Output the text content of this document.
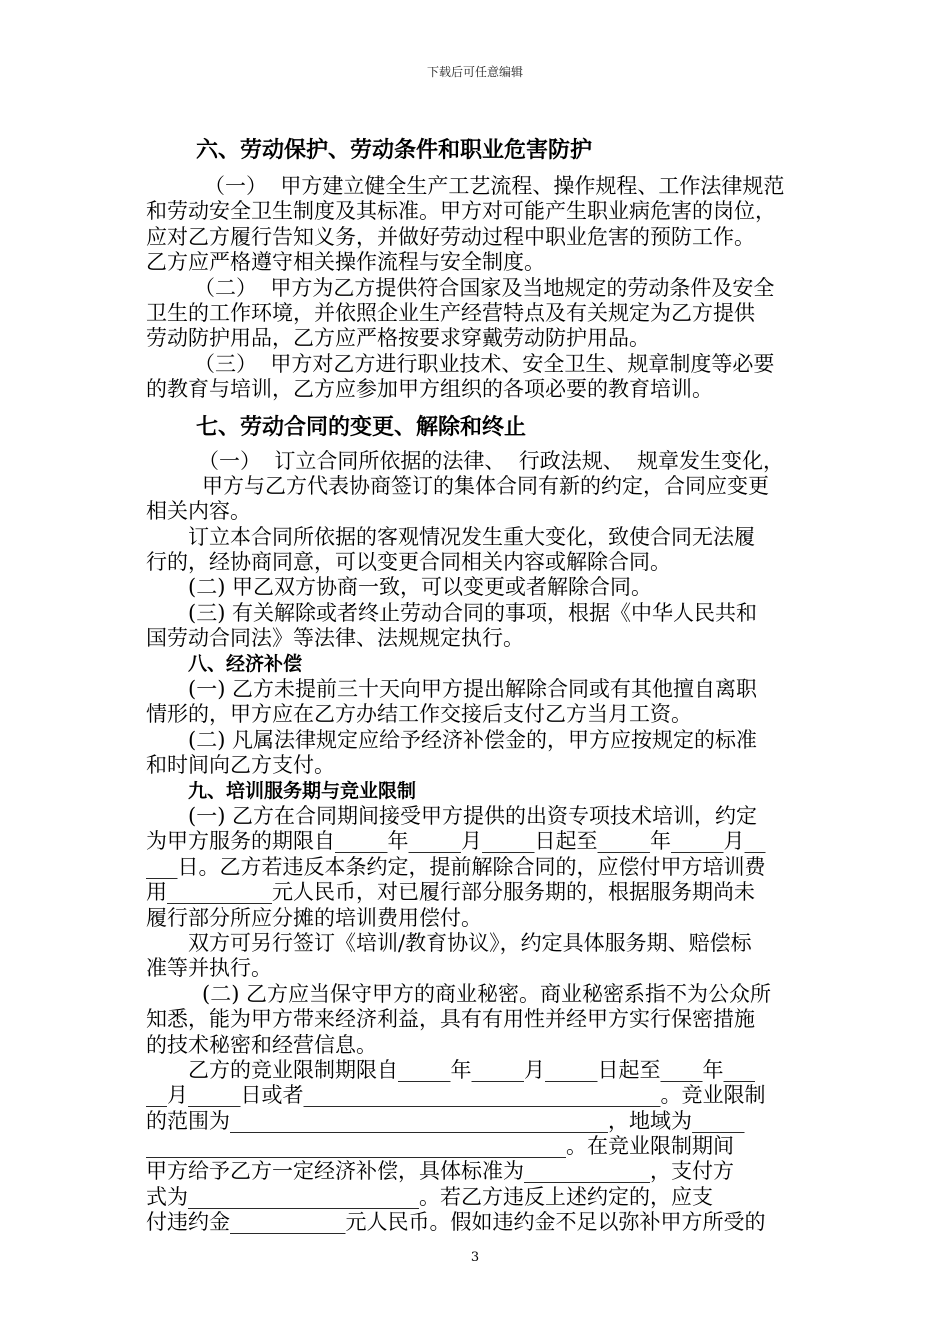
下载后可任意编辑
六、劳动保护、劳动条件和职业危害防护
（一）  甲方建立健全生产工艺流程、操作规程、工作法律规范
和劳动安全卫生制度及其标准。甲方对可能产生职业病危害的岗位，
应对乙方履行告知义务，并做好劳动过程中职业危害的预防工作。
乙方应严格遵守相关操作流程与安全制度。
（二）  甲方为乙方提供符合国家及当地规定的劳动条件及安全
卫生的工作环境，并依照企业生产经营特点及有关规定为乙方提供
劳动防护用品，乙方应严格按要求穿戴劳动防护用品。
（三）  甲方对乙方进行职业技术、安全卫生、规章制度等必要
的教育与培训，乙方应参加甲方组织的各项必要的教育培训。
七、劳动合同的变更、解除和终止
（一）  订立合同所依据的法律、  行政法规、  规章发生变化，
甲方与乙方代表协商签订的集体合同有新的约定，合同应变更
相关内容。
订立本合同所依据的客观情况发生重大变化，致使合同无法履
行的，经协商同意，可以变更合同相关内容或解除合同。
(二) 甲乙双方协商一致，可以变更或者解除合同。
(三) 有关解除或者终止劳动合同的事项，根据《中华人民共和
国劳动合同法》等法律、法规规定执行。
八、经济补偿
(一) 乙方未提前三十天向甲方提出解除合同或有其他擅自离职
情形的，甲方应在乙方办结工作交接后支付乙方当月工资。
(二) 凡属法律规定应给予经济补偿金的，甲方应按规定的标准
和时间向乙方支付。
九、培训服务期与竞业限制
(一) 乙方在合同期间接受甲方提供的出资专项技术培训，约定
为甲方服务的期限自_____年_____月_____日起至_____年_____月__
___日。乙方若违反本条约定，提前解除合同的，应偿付甲方培训费
用__________元人民币，对已履行部分服务期的，根据服务期尚未
履行部分所应分摊的培训费用偿付。
双方可另行签订《培训/教育协议》，约定具体服务期、赔偿标
准等并执行。
(二) 乙方应当保守甲方的商业秘密。商业秘密系指不为公众所
知悉，能为甲方带来经济利益，具有有用性并经甲方实行保密措施
的技术秘密和经营信息。
乙方的竞业限制期限自_____年_____月_____日起至____年___
__月_____日或者__________________________________。竞业限制
的范围为____________________________________，地域为_____
________________________________________。在竞业限制期间
甲方给予乙方一定经济补偿，具体标准为____________，支付方
式为______________________。若乙方违反上述约定的，应支
付违约金___________元人民币。假如违约金不足以弥补甲方所受的
3
